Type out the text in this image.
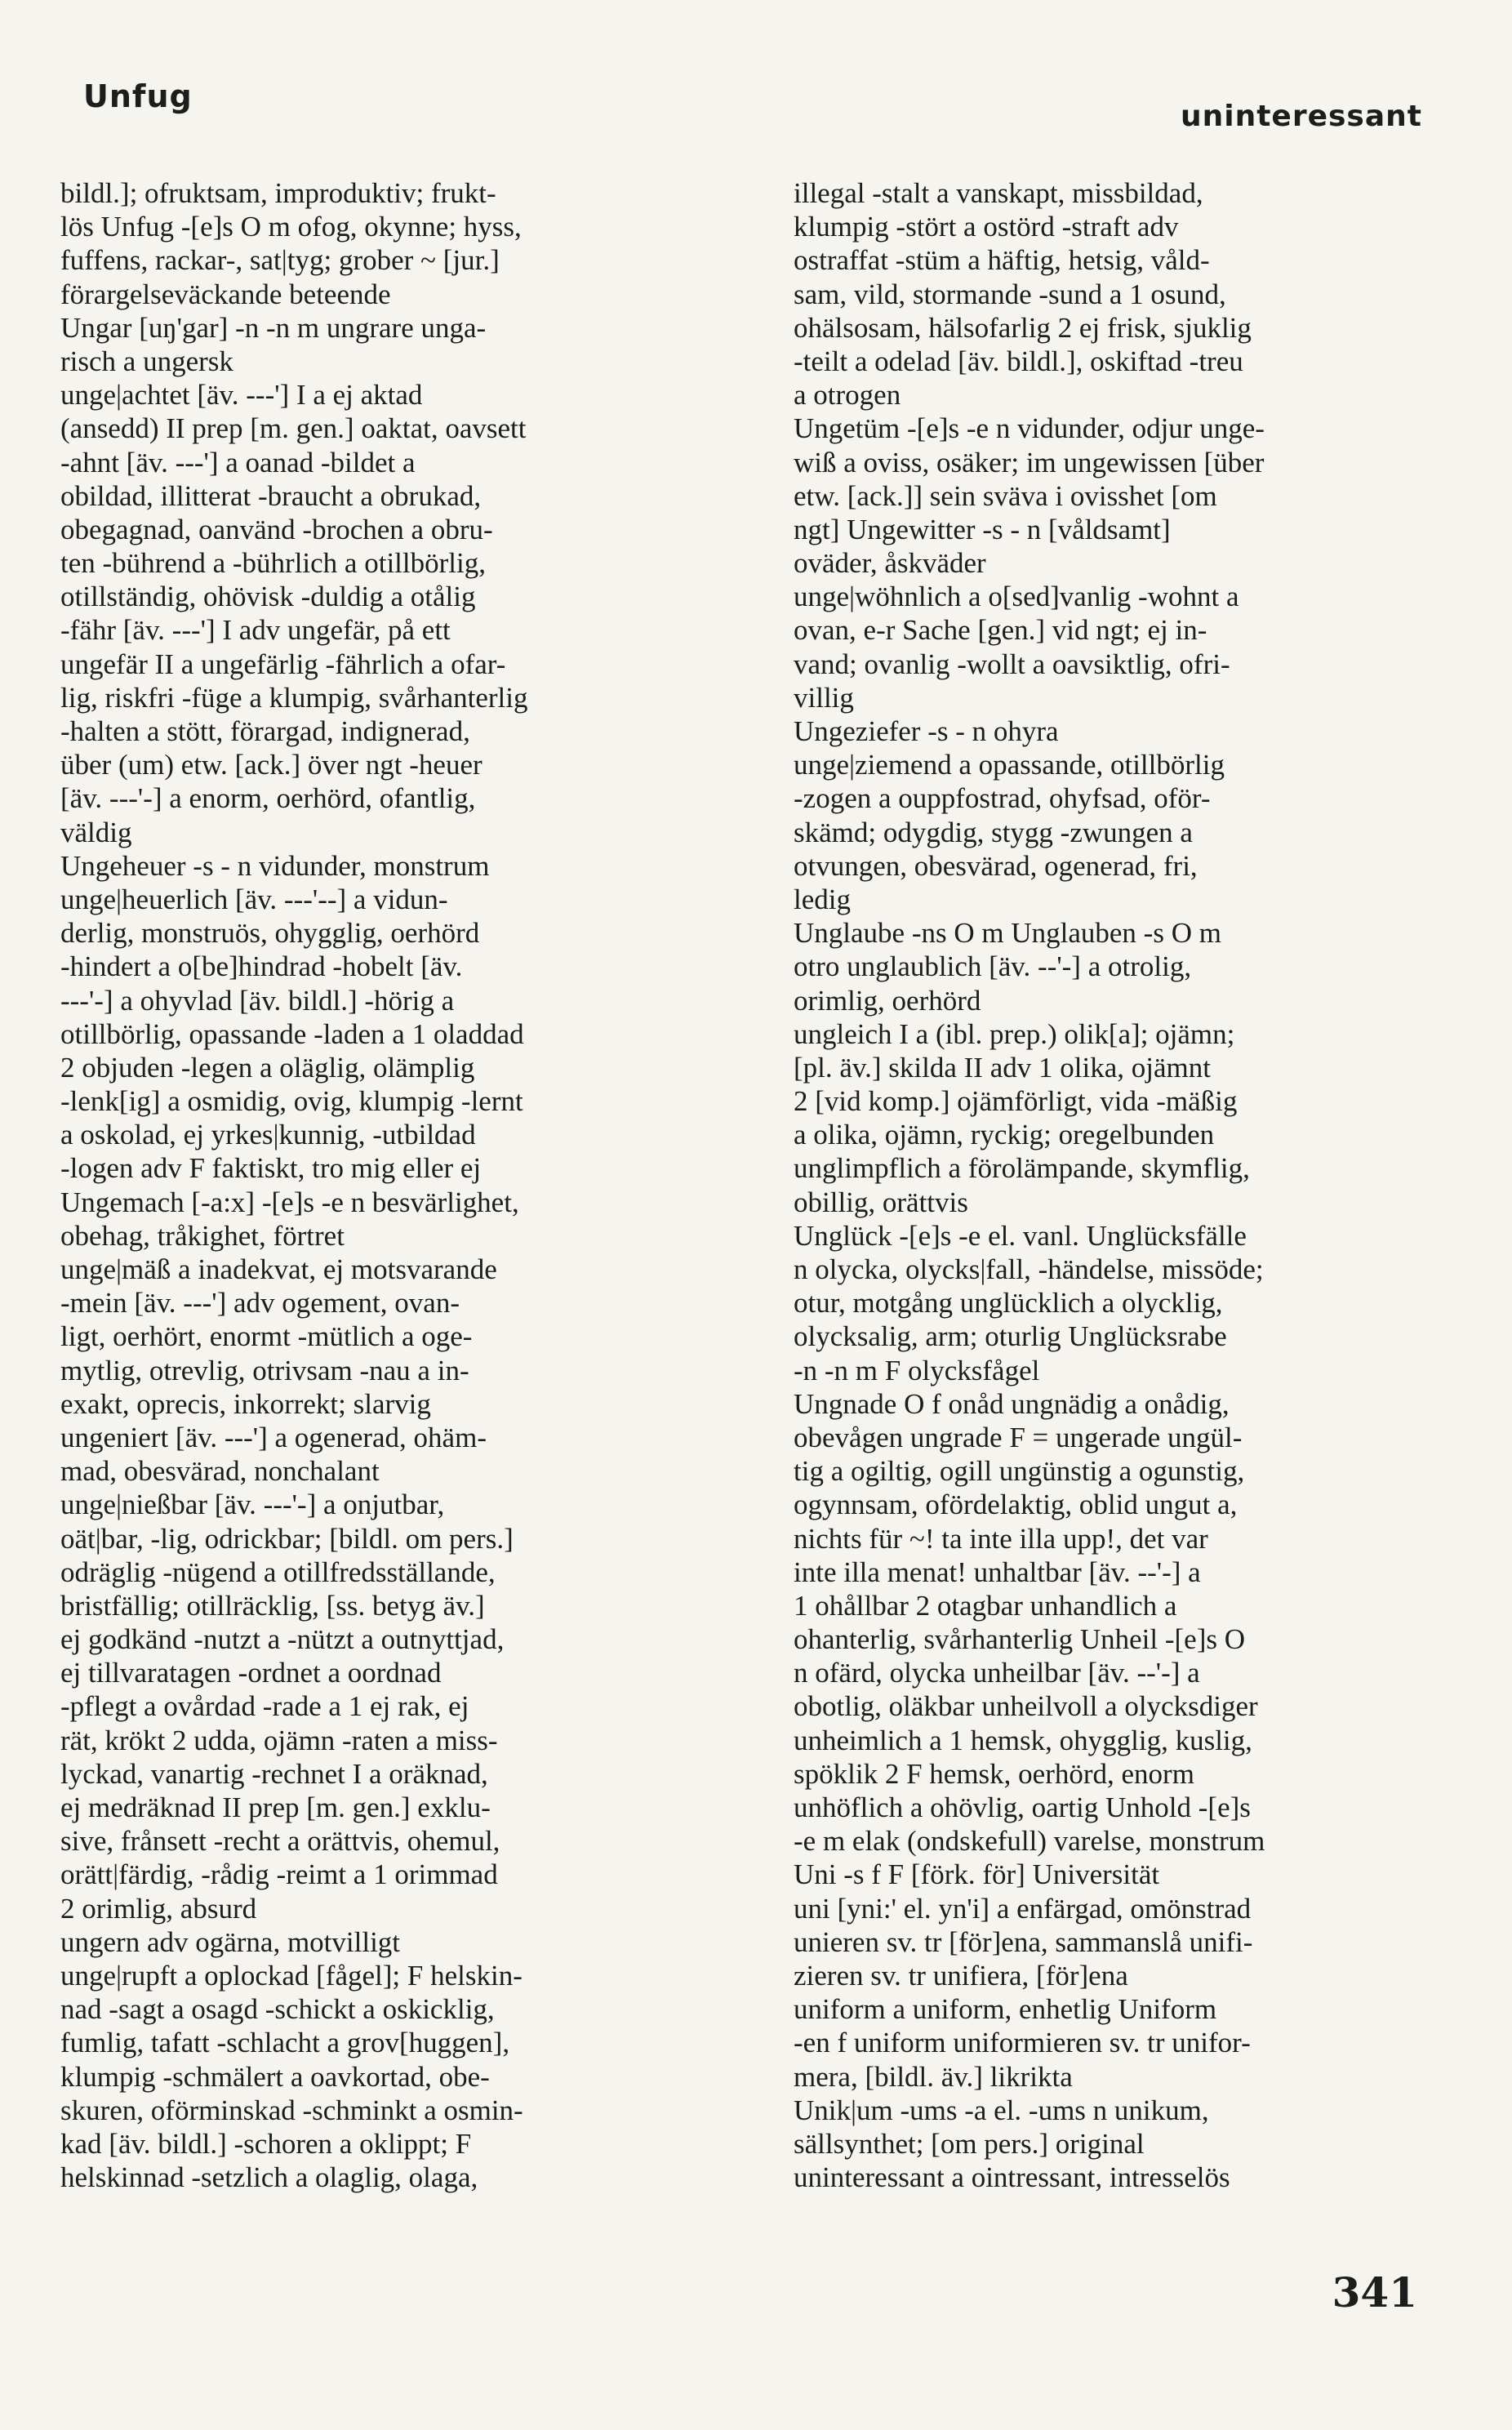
Unfug
uninteressant
bildl.]; ofruktsam, improduktiv; frukt-
lös Unfug -[e]s O m ofog, okynne; hyss,
fuffens, rackar-, sat|tyg; grober ~ [jur.]
förargelseväckande beteende
Ungar [uŋ'gar] -n -n m ungrare unga-
risch a ungersk
unge|achtet [äv. ---'] I a ej aktad
(ansedd) II prep [m. gen.] oaktat, oavsett
-ahnt [äv. ---'] a oanad -bildet a
obildad, illitterat -braucht a obrukad,
obegagnad, oanvänd -brochen a obru-
ten -bührend a -bührlich a otillbörlig,
otillständig, ohövisk -duldig a otålig
-fähr [äv. ---'] I adv ungefär, på ett
ungefär II a ungefärlig -fährlich a ofar-
lig, riskfri -füge a klumpig, svårhanterlig
-halten a stött, förargad, indignerad,
über (um) etw. [ack.] över ngt -heuer
[äv. ---'-] a enorm, oerhörd, ofantlig,
väldig
Ungeheuer -s - n vidunder, monstrum
unge|heuerlich [äv. ---'--] a vidun-
derlig, monstruös, ohygglig, oerhörd
-hindert a o[be]hindrad -hobelt [äv.
---'-] a ohyvlad [äv. bildl.] -hörig a
otillbörlig, opassande -laden a 1 oladdad
2 objuden -legen a oläglig, olämplig
-lenk[ig] a osmidig, ovig, klumpig -lernt
a oskolad, ej yrkes|kunnig, -utbildad
-logen adv F faktiskt, tro mig eller ej
Ungemach [-a:x] -[e]s -e n besvärlighet,
obehag, tråkighet, förtret
unge|mäß a inadekvat, ej motsvarande
-mein [äv. ---'] adv ogement, ovan-
ligt, oerhört, enormt -mütlich a oge-
mytlig, otrevlig, otrivsam -nau a in-
exakt, oprecis, inkorrekt; slarvig
ungeniert [äv. ---'] a ogenerad, ohäm-
mad, obesvärad, nonchalant
unge|nießbar [äv. ---'-] a onjutbar,
oät|bar, -lig, odrickbar; [bildl. om pers.]
odräglig -nügend a otillfredsställande,
bristfällig; otillräcklig, [ss. betyg äv.]
ej godkänd -nutzt a -nützt a outnyttjad,
ej tillvaratagen -ordnet a oordnad
-pflegt a ovårdad -rade a 1 ej rak, ej
rät, krökt 2 udda, ojämn -raten a miss-
lyckad, vanartig -rechnet I a oräknad,
ej medräknad II prep [m. gen.] exklu-
sive, frånsett -recht a orättvis, ohemul,
orätt|färdig, -rådig -reimt a 1 orimmad
2 orimlig, absurd
ungern adv ogärna, motvilligt
unge|rupft a oplockad [fågel]; F helskin-
nad -sagt a osagd -schickt a oskicklig,
fumlig, tafatt -schlacht a grov[huggen],
klumpig -schmälert a oavkortad, obe-
skuren, oförminskad -schminkt a osmin-
kad [äv. bildl.] -schoren a oklippt; F
helskinnad -setzlich a olaglig, olaga,
illegal -stalt a vanskapt, missbildad,
klumpig -stört a ostörd -straft adv
ostraffat -stüm a häftig, hetsig, våld-
sam, vild, stormande -sund a 1 osund,
ohälsosam, hälsofarlig 2 ej frisk, sjuklig
-teilt a odelad [äv. bildl.], oskiftad -treu
a otrogen
Ungetüm -[e]s -e n vidunder, odjur unge-
wiß a oviss, osäker; im ungewissen [über
etw. [ack.]] sein sväva i ovisshet [om
ngt] Ungewitter -s - n [våldsamt]
oväder, åskväder
unge|wöhnlich a o[sed]vanlig -wohnt a
ovan, e-r Sache [gen.] vid ngt; ej in-
vand; ovanlig -wollt a oavsiktlig, ofri-
villig
Ungeziefer -s - n ohyra
unge|ziemend a opassande, otillbörlig
-zogen a ouppfostrad, ohyfsad, oför-
skämd; odygdig, stygg -zwungen a
otvungen, obesvärad, ogenerad, fri,
ledig
Unglaube -ns O m Unglauben -s O m
otro unglaublich [äv. --'-] a otrolig,
orimlig, oerhörd
ungleich I a (ibl. prep.) olik[a]; ojämn;
[pl. äv.] skilda II adv 1 olika, ojämnt
2 [vid komp.] ojämförligt, vida -mäßig
a olika, ojämn, ryckig; oregelbunden
unglimpflich a förolämpande, skymflig,
obillig, orättvis
Unglück -[e]s -e el. vanl. Unglücksfälle
n olycka, olycks|fall, -händelse, missöde;
otur, motgång unglücklich a olycklig,
olycksalig, arm; oturlig Unglücksrabe
-n -n m F olycksfågel
Ungnade O f onåd ungnädig a onådig,
obevågen ungrade F = ungerade ungül-
tig a ogiltig, ogill ungünstig a ogunstig,
ogynnsam, ofördelaktig, oblid ungut a,
nichts für ~! ta inte illa upp!, det var
inte illa menat! unhaltbar [äv. --'-] a
1 ohållbar 2 otagbar unhandlich a
ohanterlig, svårhanterlig Unheil -[e]s O
n ofärd, olycka unheilbar [äv. --'-] a
obotlig, oläkbar unheilvoll a olycksdiger
unheimlich a 1 hemsk, ohygglig, kuslig,
spöklik 2 F hemsk, oerhörd, enorm
unhöflich a ohövlig, oartig Unhold -[e]s
-e m elak (ondskefull) varelse, monstrum
Uni -s f F [förk. för] Universität
uni [yni:' el. yn'i] a enfärgad, omönstrad
unieren sv. tr [för]ena, sammanslå unifi-
zieren sv. tr unifiera, [för]ena
uniform a uniform, enhetlig Uniform
-en f uniform uniformieren sv. tr unifor-
mera, [bildl. äv.] likrikta
Unik|um -ums -a el. -ums n unikum,
sällsynthet; [om pers.] original
uninteressant a ointressant, intresselös
341
